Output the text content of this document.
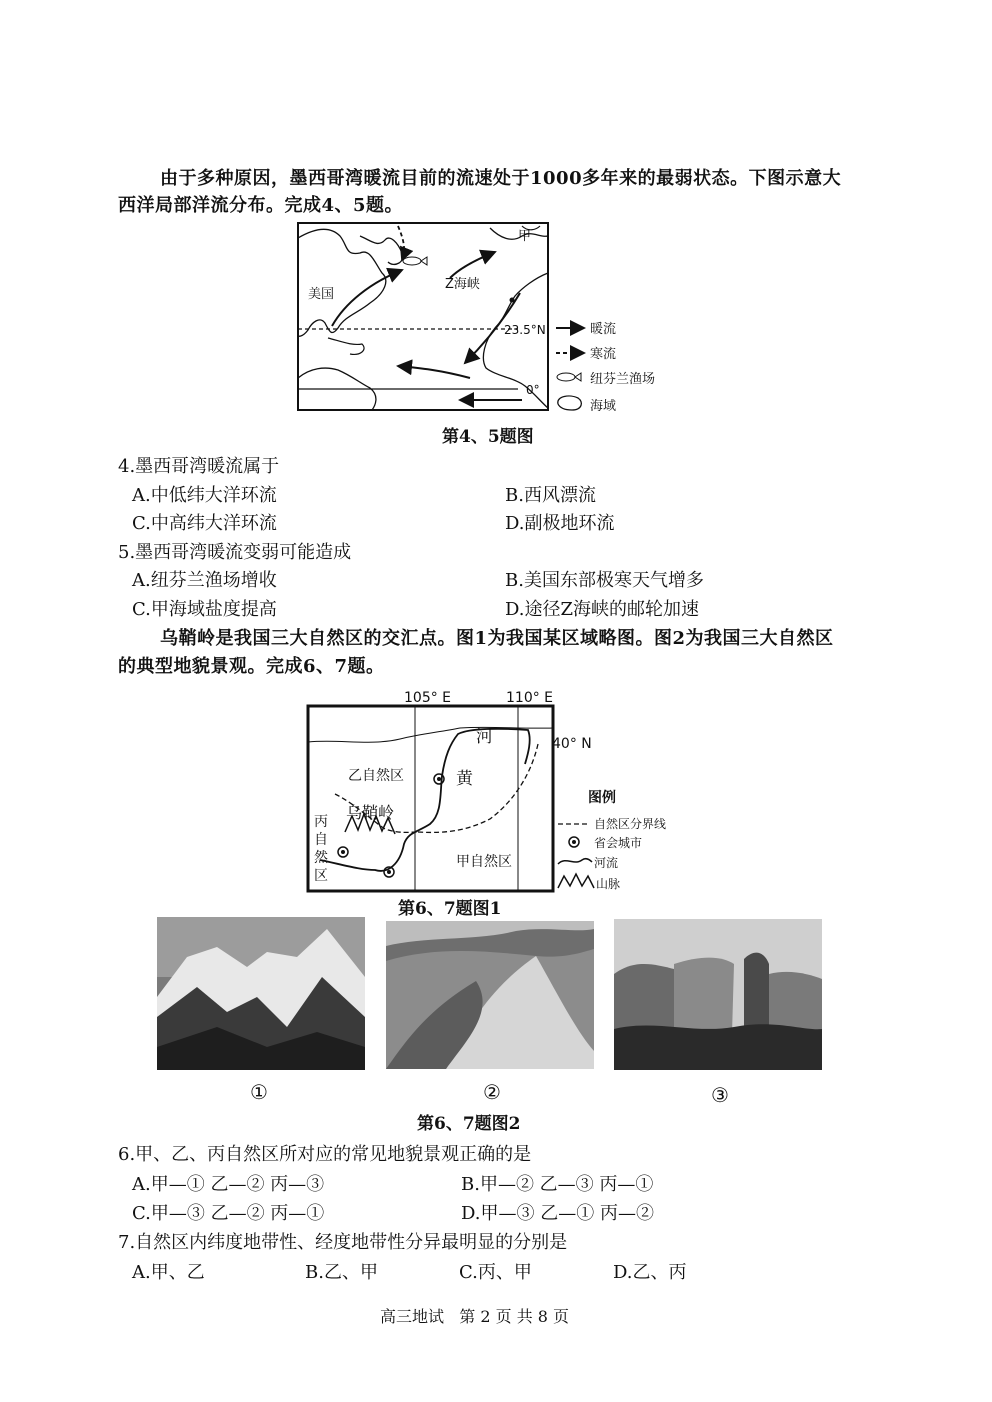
由于多种原因，墨西哥湾暖流目前的流速处于1000多年来的最弱状态。下图示意大
西洋局部洋流分布。完成4、5题。
美国
Z海峡
甲
23.5°N
0°
暖流
寒流
纽芬兰渔场
海域
第4、5题图
4.墨西哥湾暖流属于
A.中低纬大洋环流	B.西风漂流
C.中高纬大洋环流	D.副极地环流
5.墨西哥湾暖流变弱可能造成
A.纽芬兰渔场增收	B.美国东部极寒天气增多
C.甲海域盐度提高	D.途径Z海峡的邮轮加速
乌鞘岭是我国三大自然区的交汇点。图1为我国某区域略图。图2为我国三大自然区
的典型地貌景观。完成6、7题。
105° E	110° E
40° N
河
黄
乙自然区
乌鞘岭
丙
自
然
区
甲自然区
图例
自然区分界线
省会城市
河流
山脉
第6、7题图1
①	②	③
第6、7题图2
6.甲、乙、丙自然区所对应的常见地貌景观正确的是
A.甲—① 乙—② 丙—③	B.甲—② 乙—③ 丙—①
C.甲—③ 乙—② 丙—①	D.甲—③ 乙—① 丙—②
7.自然区内纬度地带性、经度地带性分异最明显的分别是
A.甲、乙	B.乙、甲	C.丙、甲	D.乙、丙
高三地试   第 2 页 共 8 页
